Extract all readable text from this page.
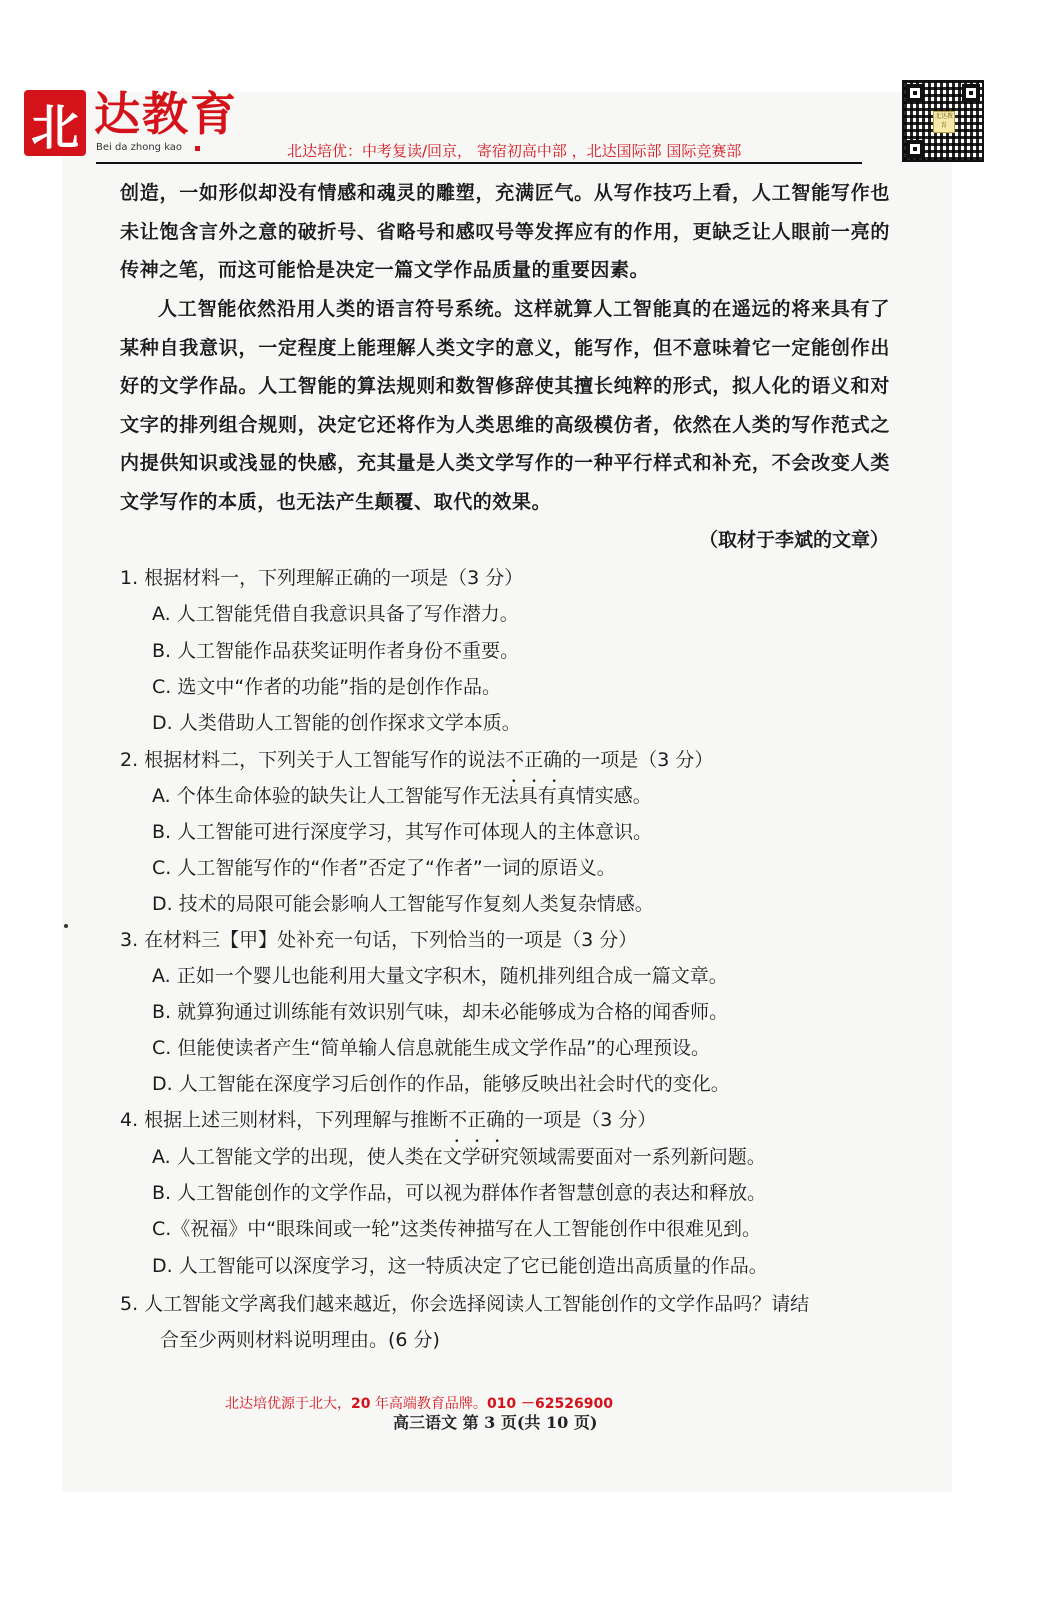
北 达教育
Bei da zhong kao	北达培优：中考复读/回京， 寄宿初高中部 ，北达国际部 国际竞赛部
北达教育
创造，一如形似却没有情感和魂灵的雕塑，充满匠气。从写作技巧上看，人工智能写作也未让饱含言外之意的破折号、省略号和感叹号等发挥应有的作用，更缺乏让人眼前一亮的传神之笔，而这可能恰是决定一篇文学作品质量的重要因素。
人工智能依然沿用人类的语言符号系统。这样就算人工智能真的在遥远的将来具有了某种自我意识，一定程度上能理解人类文字的意义，能写作，但不意味着它一定能创作出好的文学作品。人工智能的算法规则和数智修辞使其擅长纯粹的形式，拟人化的语义和对文字的排列组合规则，决定它还将作为人类思维的高级模仿者，依然在人类的写作范式之内提供知识或浅显的快感，充其量是人类文学写作的一种平行样式和补充，不会改变人类文学写作的本质，也无法产生颠覆、取代的效果。
（取材于李斌的文章）
1. 根据材料一，下列理解正确的一项是（3 分）
A. 人工智能凭借自我意识具备了写作潜力。
B. 人工智能作品获奖证明作者身份不重要。
C. 选文中“作者的功能”指的是创作作品。
D. 人类借助人工智能的创作探求文学本质。
2. 根据材料二，下列关于人工智能写作的说法不正确 • • •的一项是（3 分）
A. 个体生命体验的缺失让人工智能写作无法具有真情实感。
B. 人工智能可进行深度学习，其写作可体现人的主体意识。
C. 人工智能写作的“作者”否定了“作者”一词的原语义。
D. 技术的局限可能会影响人工智能写作复刻人类复杂情感。
3. 在材料三【甲】处补充一句话，下列恰当的一项是（3 分）
A. 正如一个婴儿也能利用大量文字积木，随机排列组合成一篇文章。
B. 就算狗通过训练能有效识别气味，却未必能够成为合格的闻香师。
C. 但能使读者产生“简单输人信息就能生成文学作品”的心理预设。
D. 人工智能在深度学习后创作的作品，能够反映出社会时代的变化。
4. 根据上述三则材料，下列理解与推断不正确 • • •的一项是（3 分）
A. 人工智能文学的出现，使人类在文学研究领域需要面对一系列新问题。
B. 人工智能创作的文学作品，可以视为群体作者智慧创意的表达和释放。
C.《祝福》中“眼珠间或一轮”这类传神描写在人工智能创作中很难见到。
D. 人工智能可以深度学习，这一特质决定了它已能创造出高质量的作品。
5. 人工智能文学离我们越来越近，你会选择阅读人工智能创作的文学作品吗？请结
合至少两则材料说明理由。(6 分)
北达培优源于北大，20 年高端教育品牌。010 －62526900
高三语文 第 3 页(共 10 页)
